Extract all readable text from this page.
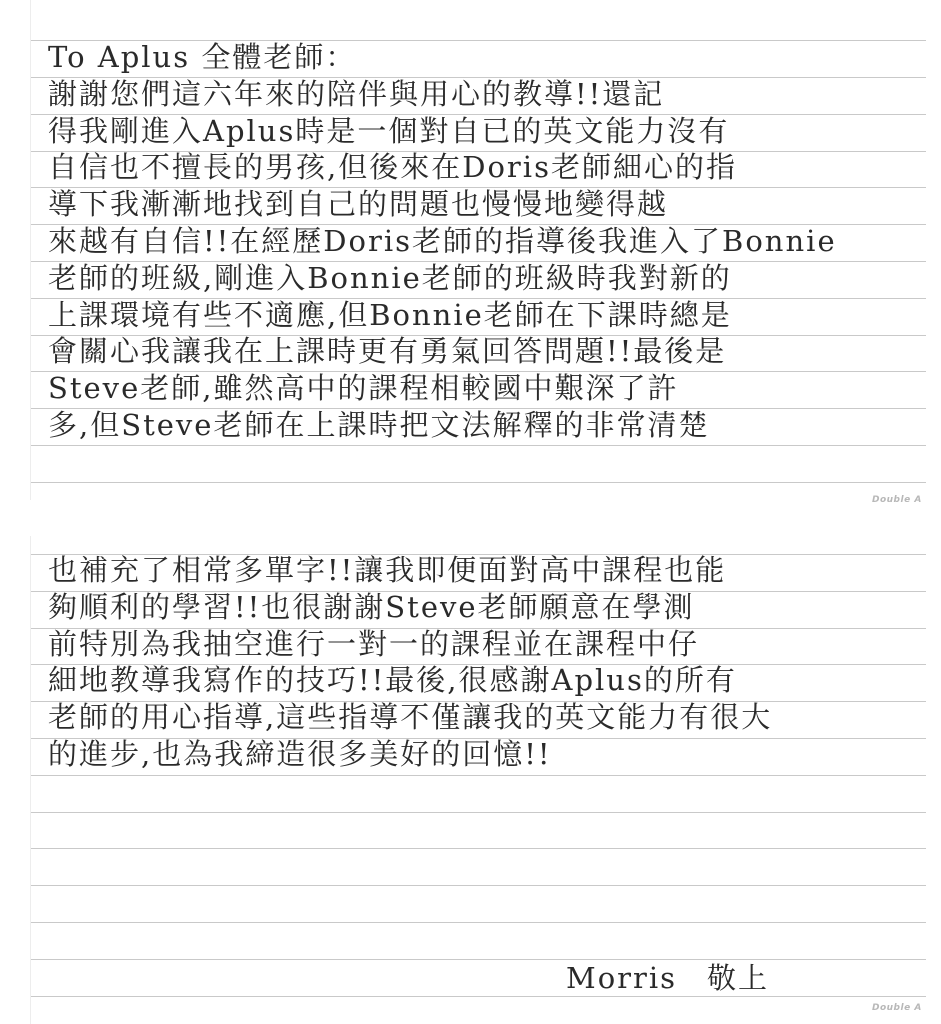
To Aplus 全體老師：
謝謝您們這六年來的陪伴與用心的教導!!還記
得我剛進入Aplus時是一個對自已的英文能力沒有
自信也不擅長的男孩,但後來在Doris老師細心的指
導下我漸漸地找到自己的問題也慢慢地變得越
來越有自信!!在經歷Doris老師的指導後我進入了Bonnie
老師的班級,剛進入Bonnie老師的班級時我對新的
上課環境有些不適應,但Bonnie老師在下課時總是
會關心我讓我在上課時更有勇氣回答問題!!最後是
Steve老師,雖然高中的課程相較國中艱深了許
多,但Steve老師在上課時把文法解釋的非常清楚
Double A
也補充了相常多單字!!讓我即便面對高中課程也能
夠順利的學習!!也很謝謝Steve老師願意在學測
前特別為我抽空進行一對一的課程並在課程中仔
細地教導我寫作的技巧!!最後,很感謝Aplus的所有
老師的用心指導,這些指導不僅讓我的英文能力有很大
的進步,也為我締造很多美好的回憶!!
Morris 敬上
Double A
